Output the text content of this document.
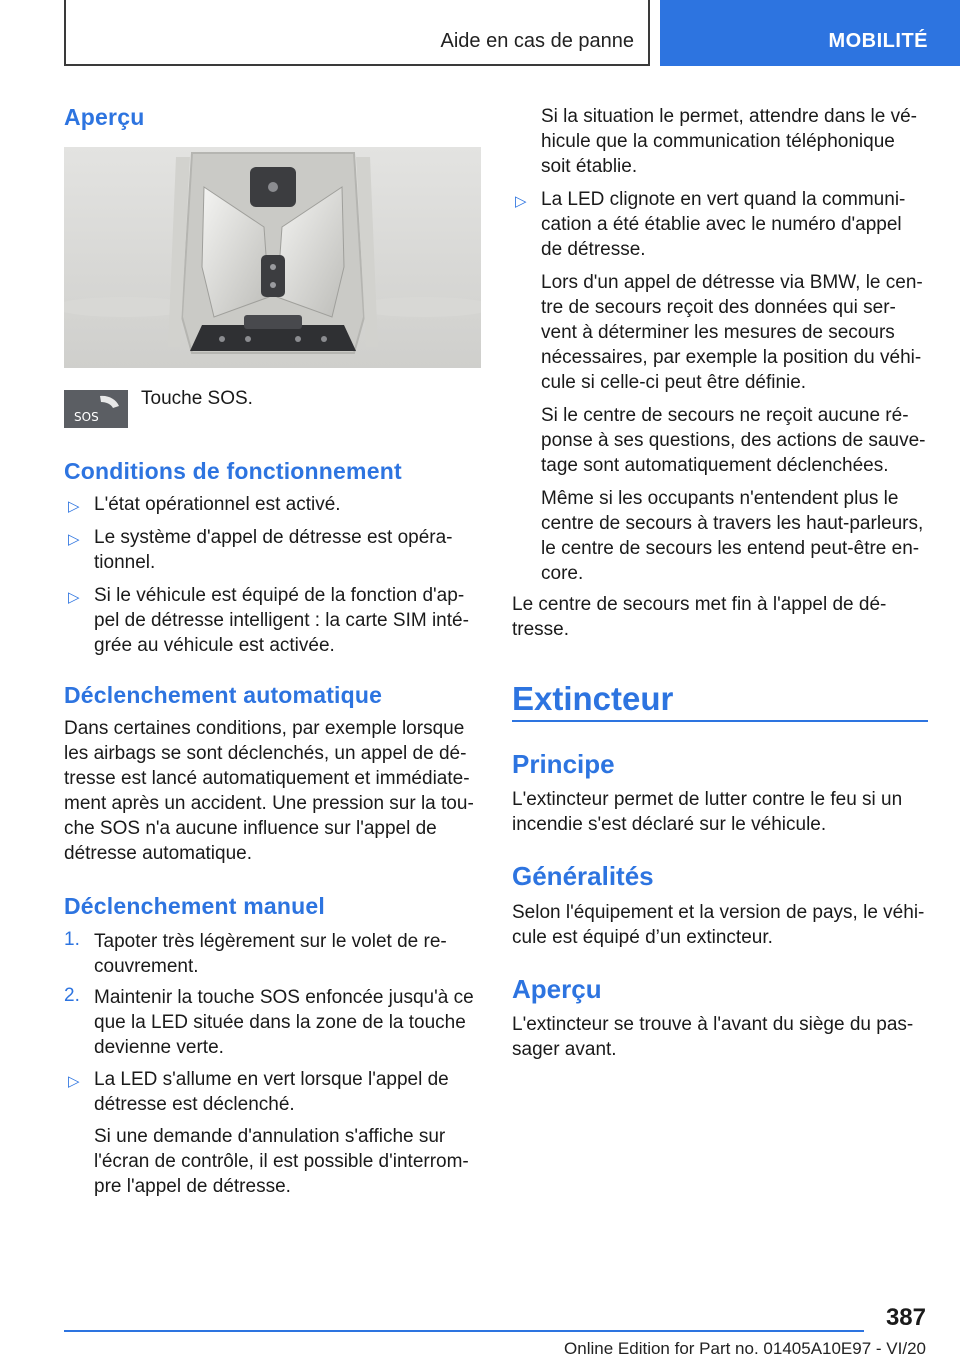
Aide en cas de panne	MOBILITÉ
Aperçu
SOS
Touche SOS.
Conditions de fonctionnement
▷ L'état opérationnel est activé.
▷ Le système d'appel de détresse est opéra-
tionnel.
▷ Si le véhicule est équipé de la fonction d'ap-
pel de détresse intelligent : la carte SIM inté-
grée au véhicule est activée.
Déclenchement automatique
Dans certaines conditions, par exemple lorsque
les airbags se sont déclenchés, un appel de dé-
tresse est lancé automatiquement et immédiate-
ment après un accident. Une pression sur la tou-
che SOS n'a aucune influence sur l'appel de
détresse automatique.
Déclenchement manuel
1. Tapoter très légèrement sur le volet de re-
couvrement.
2. Maintenir la touche SOS enfoncée jusqu'à ce
que la LED située dans la zone de la touche
devienne verte.
▷ La LED s'allume en vert lorsque l'appel de
détresse est déclenché.
Si une demande d'annulation s'affiche sur
l'écran de contrôle, il est possible d'interrom-
pre l'appel de détresse.
Si la situation le permet, attendre dans le vé-
hicule que la communication téléphonique
soit établie.
▷ La LED clignote en vert quand la communi-
cation a été établie avec le numéro d'appel
de détresse.
Lors d'un appel de détresse via BMW, le cen-
tre de secours reçoit des données qui ser-
vent à déterminer les mesures de secours
nécessaires, par exemple la position du véhi-
cule si celle-ci peut être définie.
Si le centre de secours ne reçoit aucune ré-
ponse à ses questions, des actions de sauve-
tage sont automatiquement déclenchées.
Même si les occupants n'entendent plus le
centre de secours à travers les haut-parleurs,
le centre de secours les entend peut-être en-
core.
Le centre de secours met fin à l'appel de dé-
tresse.
Extincteur
Principe
L'extincteur permet de lutter contre le feu si un
incendie s'est déclaré sur le véhicule.
Généralités
Selon l'équipement et la version de pays, le véhi-
cule est équipé d’un extincteur.
Aperçu
L'extincteur se trouve à l'avant du siège du pas-
sager avant.
387
Online Edition for Part no. 01405A10E97 - VI/20
